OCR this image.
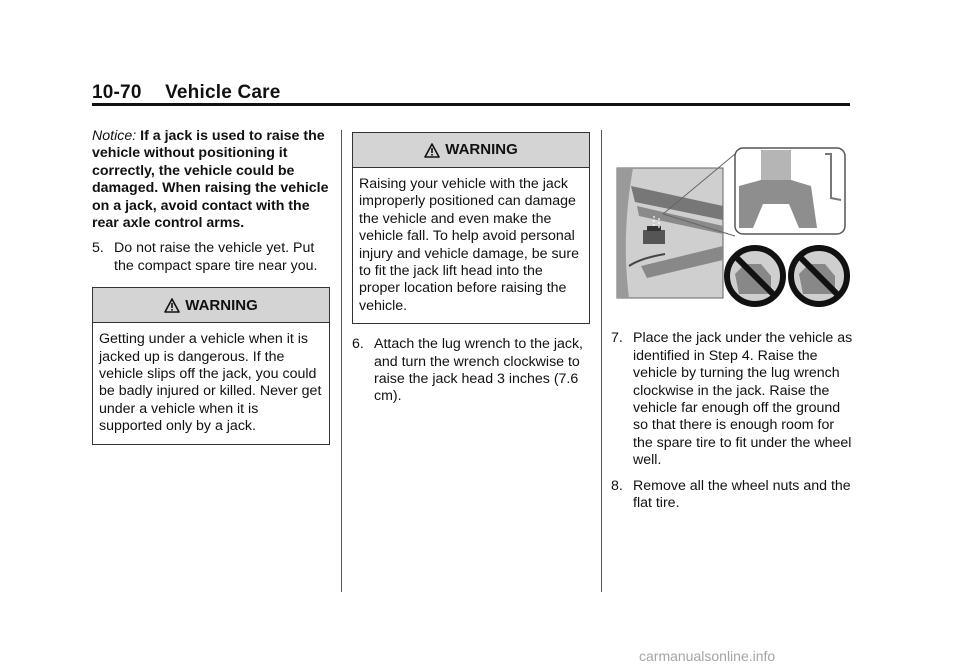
10-70 Vehicle Care

Notice: If a jack is used to raise the vehicle without positioning it correctly, the vehicle could be damaged. When raising the vehicle on a jack, avoid contact with the rear axle control arms.

5. Do not raise the vehicle yet. Put the compact spare tire near you.
WARNING
Getting under a vehicle when it is jacked up is dangerous. If the vehicle slips off the jack, you could be badly injured or killed. Never get under a vehicle when it is supported only by a jack.
WARNING
Raising your vehicle with the jack improperly positioned can damage the vehicle and even make the vehicle fall. To help avoid personal injury and vehicle damage, be sure to fit the jack lift head into the proper location before raising the vehicle.
6. Attach the lug wrench to the jack, and turn the wrench clockwise to raise the jack head 3 inches (7.6 cm).
7. Place the jack under the vehicle as identified in Step 4. Raise the vehicle by turning the lug wrench clockwise in the jack. Raise the vehicle far enough off the ground so that there is enough room for the spare tire to fit under the wheel well.
8. Remove all the wheel nuts and the flat tire.
carmanualsonline.info
